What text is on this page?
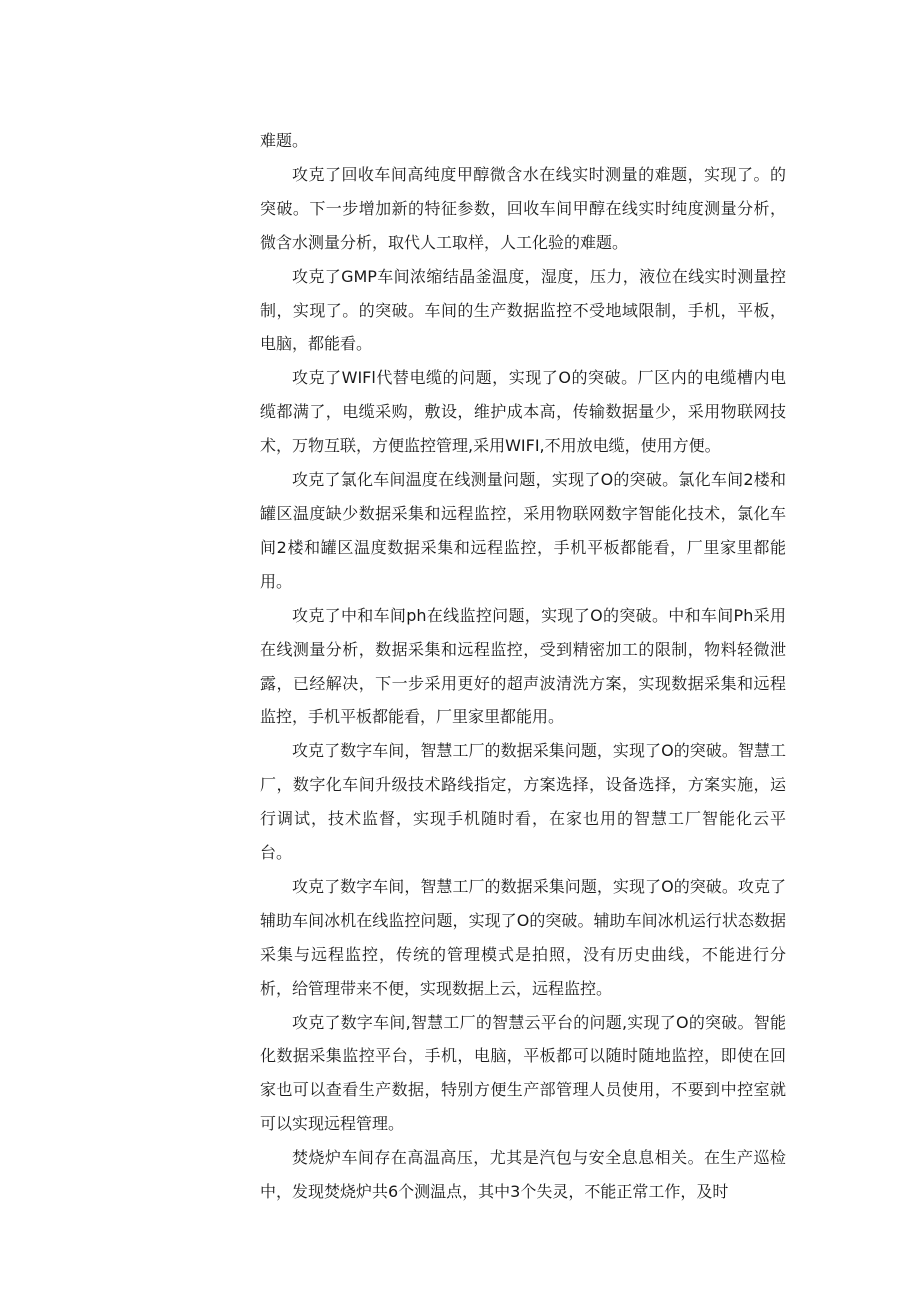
难题。

攻克了回收车间高纯度甲醇微含水在线实时测量的难题，实现了。的突破。下一步增加新的特征参数，回收车间甲醇在线实时纯度测量分析，微含水测量分析，取代人工取样，人工化验的难题。

攻克了GMP车间浓缩结晶釜温度，湿度，压力，液位在线实时测量控制，实现了。的突破。车间的生产数据监控不受地域限制，手机，平板，电脑，都能看。

攻克了WIFl代替电缆的问题，实现了O的突破。厂区内的电缆槽内电缆都满了，电缆采购，敷设，维护成本高，传输数据量少，采用物联网技术，万物互联，方便监控管理,采用WIFI,不用放电缆，使用方便。

攻克了氯化车间温度在线测量问题，实现了O的突破。氯化车间2楼和罐区温度缺少数据采集和远程监控，采用物联网数字智能化技术，氯化车间2楼和罐区温度数据采集和远程监控，手机平板都能看，厂里家里都能用。

攻克了中和车间ph在线监控问题，实现了O的突破。中和车间Ph采用在线测量分析，数据采集和远程监控，受到精密加工的限制，物料轻微泄露，已经解决，下一步采用更好的超声波清洗方案，实现数据采集和远程监控，手机平板都能看，厂里家里都能用。

攻克了数字车间，智慧工厂的数据采集问题，实现了O的突破。智慧工厂，数字化车间升级技术路线指定，方案选择，设备选择，方案实施，运行调试，技术监督，实现手机随时看，在家也用的智慧工厂智能化云平台。

攻克了数字车间，智慧工厂的数据采集问题，实现了O的突破。攻克了辅助车间冰机在线监控问题，实现了O的突破。辅助车间冰机运行状态数据采集与远程监控，传统的管理模式是拍照，没有历史曲线，不能进行分析，给管理带来不便，实现数据上云，远程监控。

攻克了数字车间,智慧工厂的智慧云平台的问题,实现了O的突破。智能化数据采集监控平台，手机，电脑，平板都可以随时随地监控，即使在回家也可以查看生产数据，特别方便生产部管理人员使用，不要到中控室就可以实现远程管理。

焚烧炉车间存在高温高压，尤其是汽包与安全息息相关。在生产巡检中，发现焚烧炉共6个测温点，其中3个失灵，不能正常工作，及时
